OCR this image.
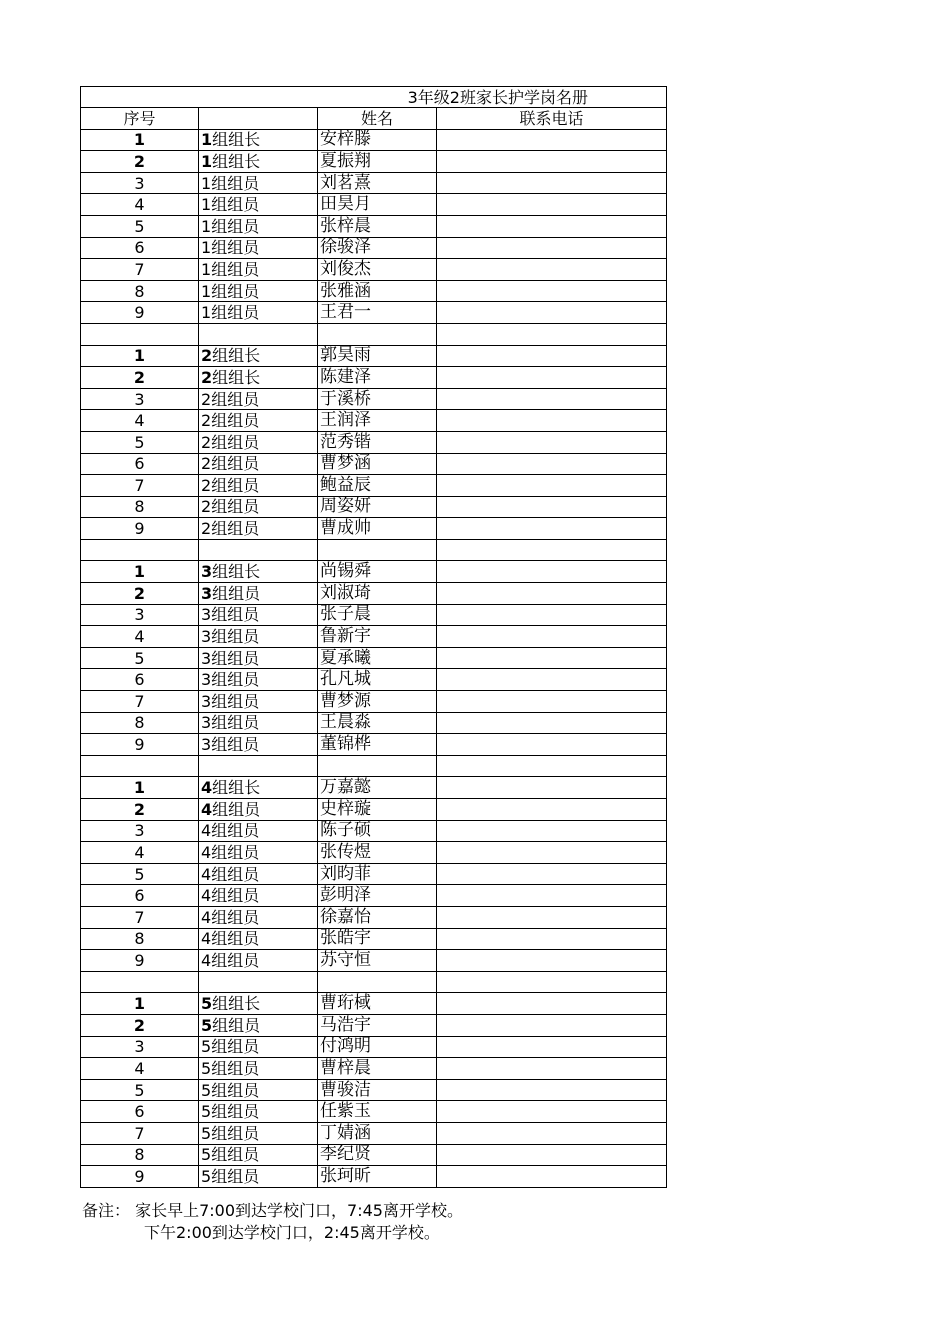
3年级2班家长护学岗名册			
序号		姓名	联系电话
1	1组组长	安梓滕	
2	1组组长	夏振翔	
3	1组组员	刘茗熹	
4	1组组员	田昊月	
5	1组组员	张梓晨	
6	1组组员	徐骏泽	
7	1组组员	刘俊杰	
8	1组组员	张雅涵	
9	1组组员	王君一	

1	2组组长	郭昊雨	
2	2组组长	陈建泽	
3	2组组员	于溪桥	
4	2组组员	王润泽	
5	2组组员	范秀锴	
6	2组组员	曹梦涵	
7	2组组员	鲍益辰	
8	2组组员	周姿妍	
9	2组组员	曹成帅	

1	3组组长	尚锡舜	
2	3组组员	刘淑琦	
3	3组组员	张子晨	
4	3组组员	鲁新宇	
5	3组组员	夏承曦	
6	3组组员	孔凡城	
7	3组组员	曹梦源	
8	3组组员	王晨淼	
9	3组组员	董锦桦	

1	4组组长	万嘉懿	
2	4组组员	史梓璇	
3	4组组员	陈子硕	
4	4组组员	张传煜	
5	4组组员	刘昀菲	
6	4组组员	彭明泽	
7	4组组员	徐嘉怡	
8	4组组员	张皓宇	
9	4组组员	苏守恒	

1	5组组长	曹珩棫	
2	5组组员	马浩宇	
3	5组组员	付鸿明	
4	5组组员	曹梓晨	
5	5组组员	曹骏洁	
6	5组组员	任紫玉	
7	5组组员	丁婧涵	
8	5组组员	李纪贤	
9	5组组员	张珂昕	
备注： 家长早上7:00到达学校门口，7:45离开学校。
下午2:00到达学校门口，2:45离开学校。
